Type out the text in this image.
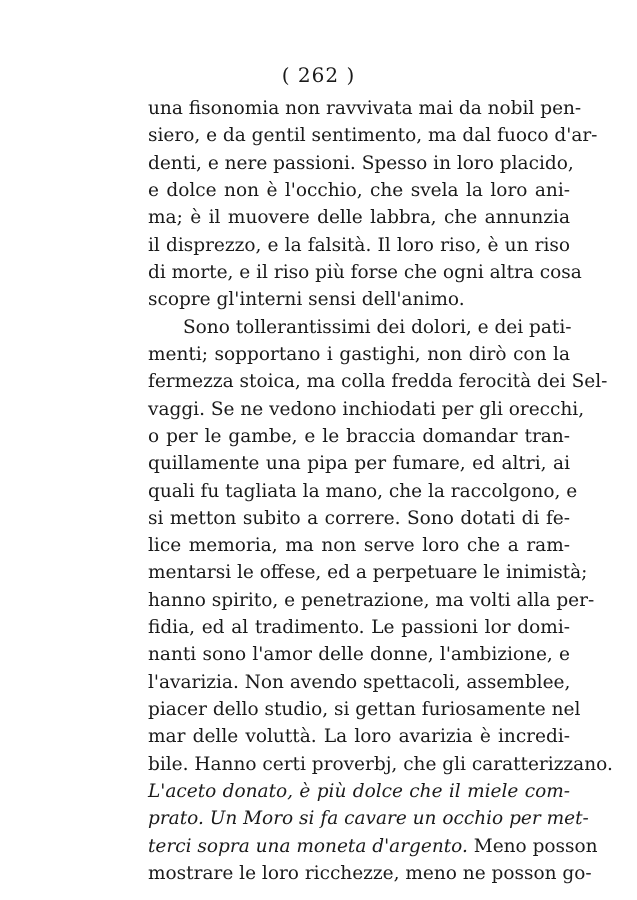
( 262 )
una fisonomia non ravvivata mai da nobil pen-
siero, e da gentil sentimento, ma dal fuoco d'ar-
denti, e nere passioni. Spesso in loro placido,
e dolce non è l'occhio, che svela la loro ani-
ma; è il muovere delle labbra, che annunzia
il disprezzo, e la falsità. Il loro riso, è un riso
di morte, e il riso più forse che ogni altra cosa
scopre gl'interni sensi dell'animo.
Sono tollerantissimi dei dolori, e dei pati-
menti; sopportano i gastighi, non dirò con la
fermezza stoica, ma colla fredda ferocità dei Sel-
vaggi. Se ne vedono inchiodati per gli orecchi,
o per le gambe, e le braccia domandar tran-
quillamente una pipa per fumare, ed altri, ai
quali fu tagliata la mano, che la raccolgono, e
si metton subito a correre. Sono dotati di fe-
lice memoria, ma non serve loro che a ram-
mentarsi le offese, ed a perpetuare le inimistà;
hanno spirito, e penetrazione, ma volti alla per-
fidia, ed al tradimento. Le passioni lor domi-
nanti sono l'amor delle donne, l'ambizione, e
l'avarizia. Non avendo spettacoli, assemblee,
piacer dello studio, si gettan furiosamente nel
mar delle voluttà. La loro avarizia è incredi-
bile. Hanno certi proverbj, che gli caratterizzano.
L'aceto donato, è più dolce che il miele com-
prato. Un Moro si fa cavare un occhio per met-
terci sopra una moneta d'argento. Meno posson
mostrare le loro ricchezze, meno ne posson go-
